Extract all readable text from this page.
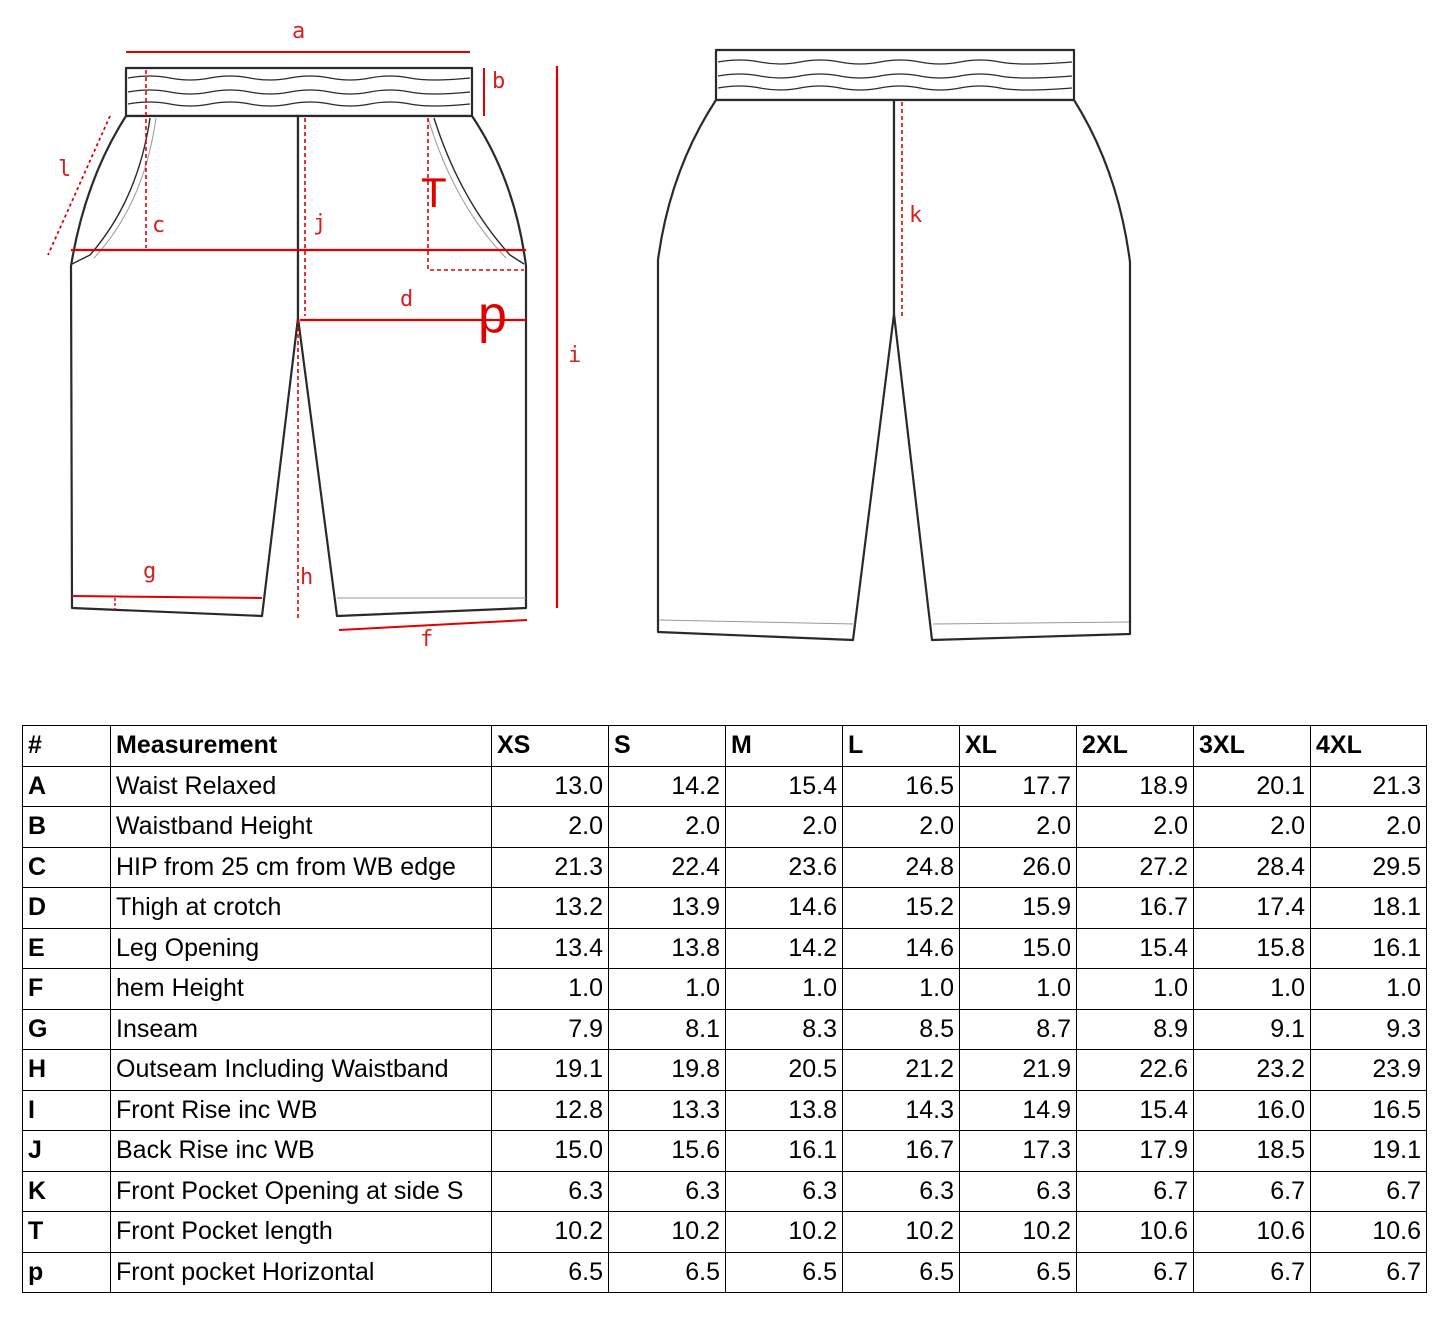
a
b
c	j
d
i
g	h
f
l	T
p
k
#	Measurement	XS	S	M	L	XL	2XL	3XL	4XL
A	Waist Relaxed	13.0	14.2	15.4	16.5	17.7	18.9	20.1	21.3
B	Waistband Height	2.0	2.0	2.0	2.0	2.0	2.0	2.0	2.0
C	HIP from 25 cm from WB edge	21.3	22.4	23.6	24.8	26.0	27.2	28.4	29.5
D	Thigh at crotch	13.2	13.9	14.6	15.2	15.9	16.7	17.4	18.1
E	Leg Opening	13.4	13.8	14.2	14.6	15.0	15.4	15.8	16.1
F	hem Height	1.0	1.0	1.0	1.0	1.0	1.0	1.0	1.0
G	Inseam	7.9	8.1	8.3	8.5	8.7	8.9	9.1	9.3
H	Outseam Including Waistband	19.1	19.8	20.5	21.2	21.9	22.6	23.2	23.9
I	Front Rise inc WB	12.8	13.3	13.8	14.3	14.9	15.4	16.0	16.5
J	Back Rise inc WB	15.0	15.6	16.1	16.7	17.3	17.9	18.5	19.1
K	Front Pocket Opening at side S	6.3	6.3	6.3	6.3	6.3	6.7	6.7	6.7
T	Front Pocket length	10.2	10.2	10.2	10.2	10.2	10.6	10.6	10.6
p	Front pocket Horizontal	6.5	6.5	6.5	6.5	6.5	6.7	6.7	6.7
